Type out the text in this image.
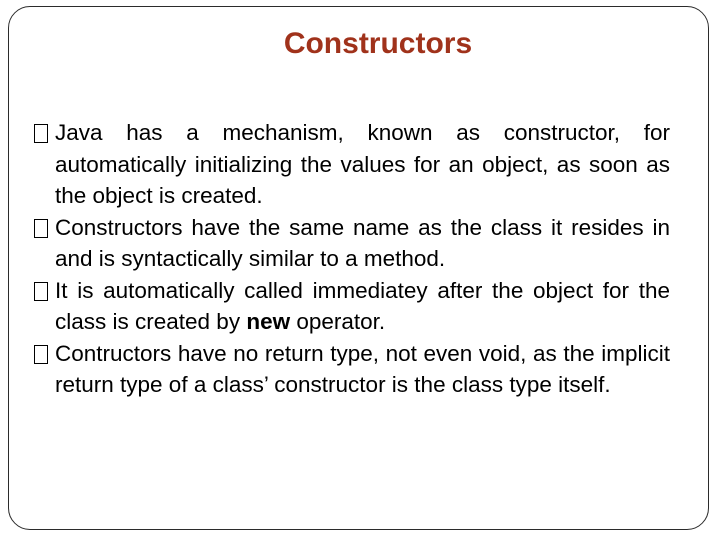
Constructors
Java has a mechanism, known as constructor, for automatically initializing the values for an object, as soon as the object is created.
Constructors have the same name as the class it resides in and is syntactically similar to a method.
It is automatically called immediatey after the object for the class is created by new operator.
Contructors have no return type, not even void, as the implicit return type of a class’ constructor is the class type itself.
